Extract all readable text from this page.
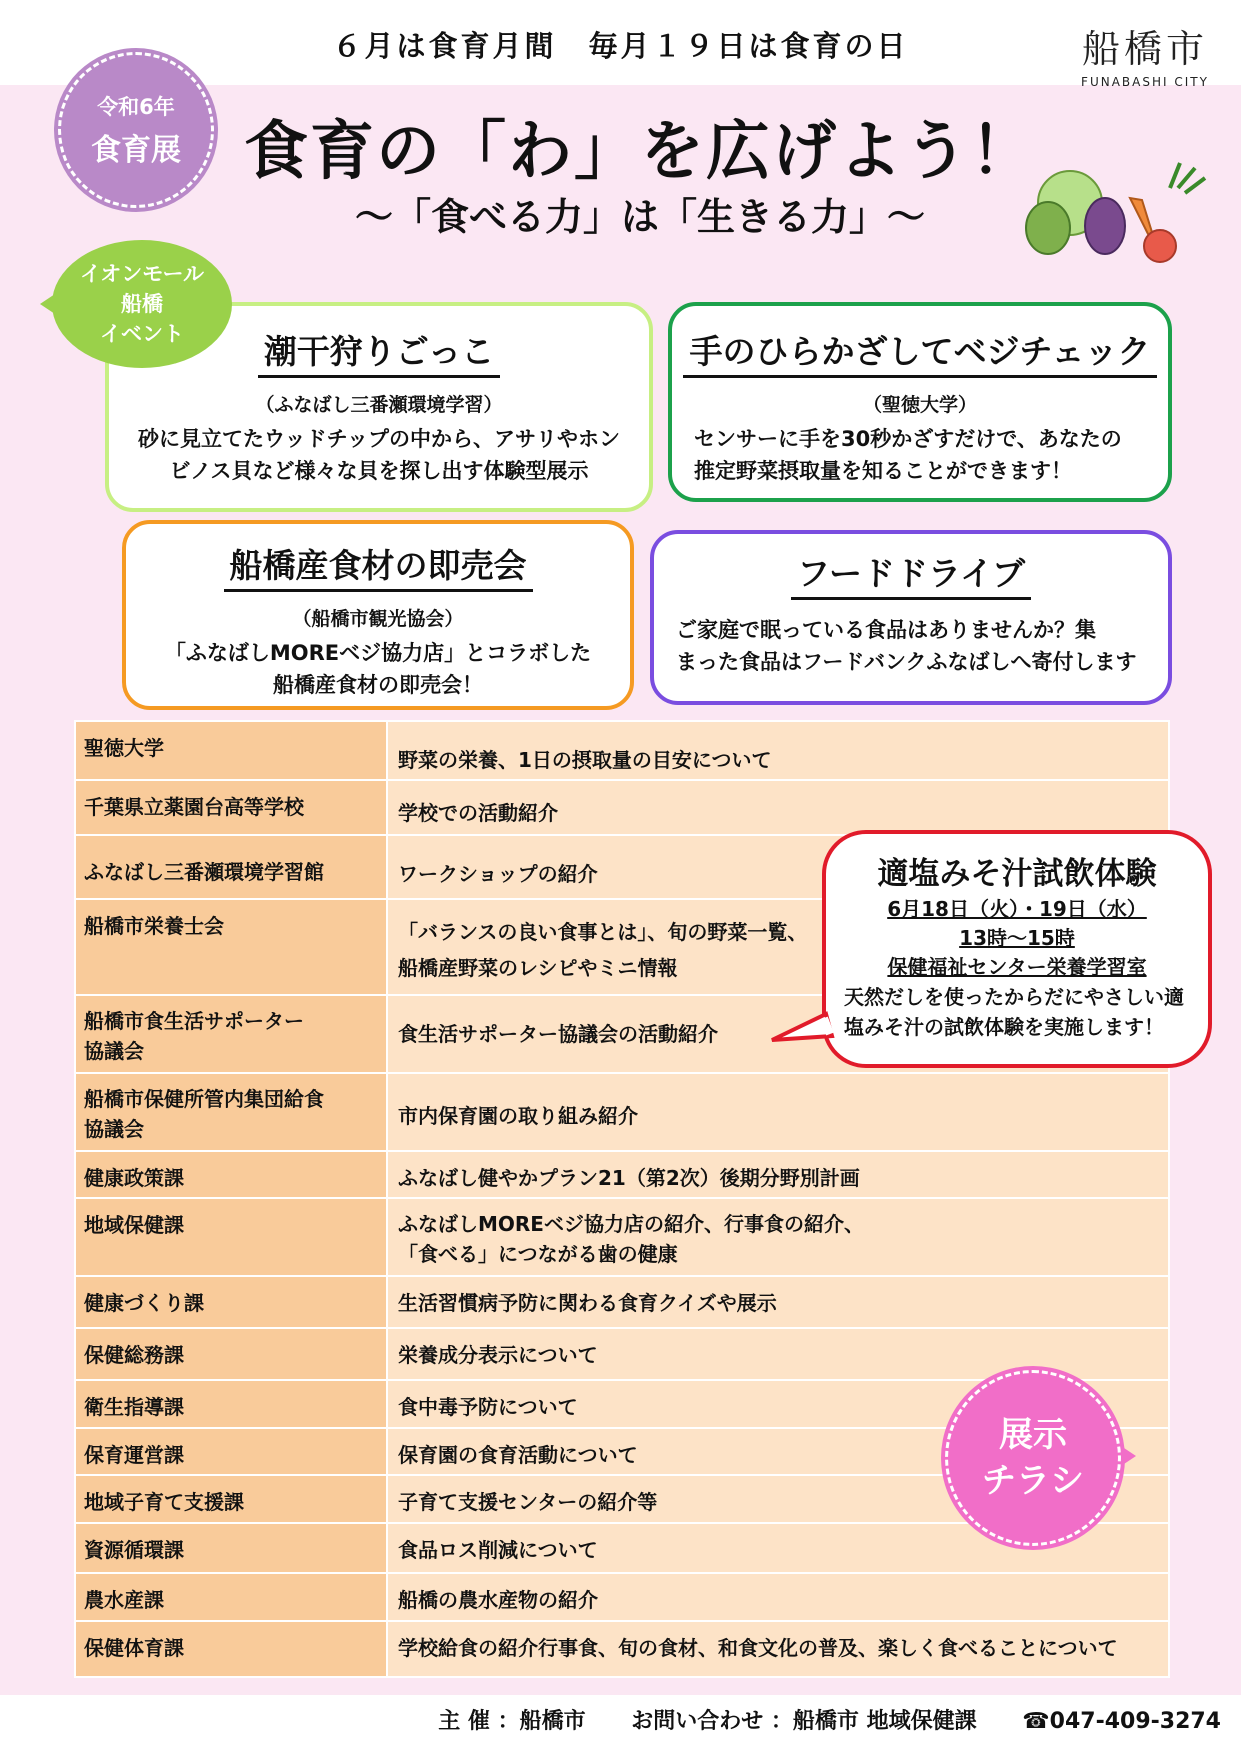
６月は食育月間　毎月１９日は食育の日	船橋市
FUNABASHI CITY
令和6年
食育展 食育の「わ」を広げよう！
～「食べる力」は「生きる力」～
イオンモール
船橋
イベント	潮干狩りごっこ
（ふなばし三番瀬環境学習）
砂に見立てたウッドチップの中から、アサリやホン
ビノス貝など様々な貝を探し出す体験型展示
手のひらかざしてベジチェック
（聖徳大学）
センサーに手を30秒かざすだけで、あなたの
推定野菜摂取量を知ることができます！
船橋産食材の即売会
（船橋市観光協会）
「ふなばしMOREベジ協力店」とコラボした
船橋産食材の即売会！
フードドライブ
ご家庭で眠っている食品はありませんか？集
まった食品はフードバンクふなばしへ寄付します
聖徳大学	野菜の栄養、1日の摂取量の目安について
千葉県立薬園台高等学校	学校での活動紹介
ふなばし三番瀬環境学習館	ワークショップの紹介
船橋市栄養士会	「バランスの良い食事とは」、旬の野菜一覧、
船橋産野菜のレシピやミニ情報

船橋市食生活サポーター
協議会	食生活サポーター協議会の活動紹介

船橋市保健所管内集団給食
協議会	市内保育園の取り組み紹介
健康政策課	ふなばし健やかプラン21（第2次）後期分野別計画
地域保健課	ふなばしMOREベジ協力店の紹介、行事食の紹介、
「食べる」につながる歯の健康

健康づくり課	生活習慣病予防に関わる食育クイズや展示
保健総務課	栄養成分表示について
衛生指導課	食中毒予防について
保育運営課	保育園の食育活動について
地域子育て支援課	子育て支援センターの紹介等
資源循環課	食品ロス削減について
農水産課	船橋の農水産物の紹介
保健体育課	学校給食の紹介行事食、旬の食材、和食文化の普及、楽しく食べることについて
適塩みそ汁試飲体験
6月18日（火）・19日（水）
13時～15時
保健福祉センター栄養学習室
天然だしを使ったからだにやさしい適
塩みそ汁の試飲体験を実施します！
展示
チラシ
主 催 ：船橋市 お問い合わせ ：船橋市 地域保健課 ☎047-409-3274
